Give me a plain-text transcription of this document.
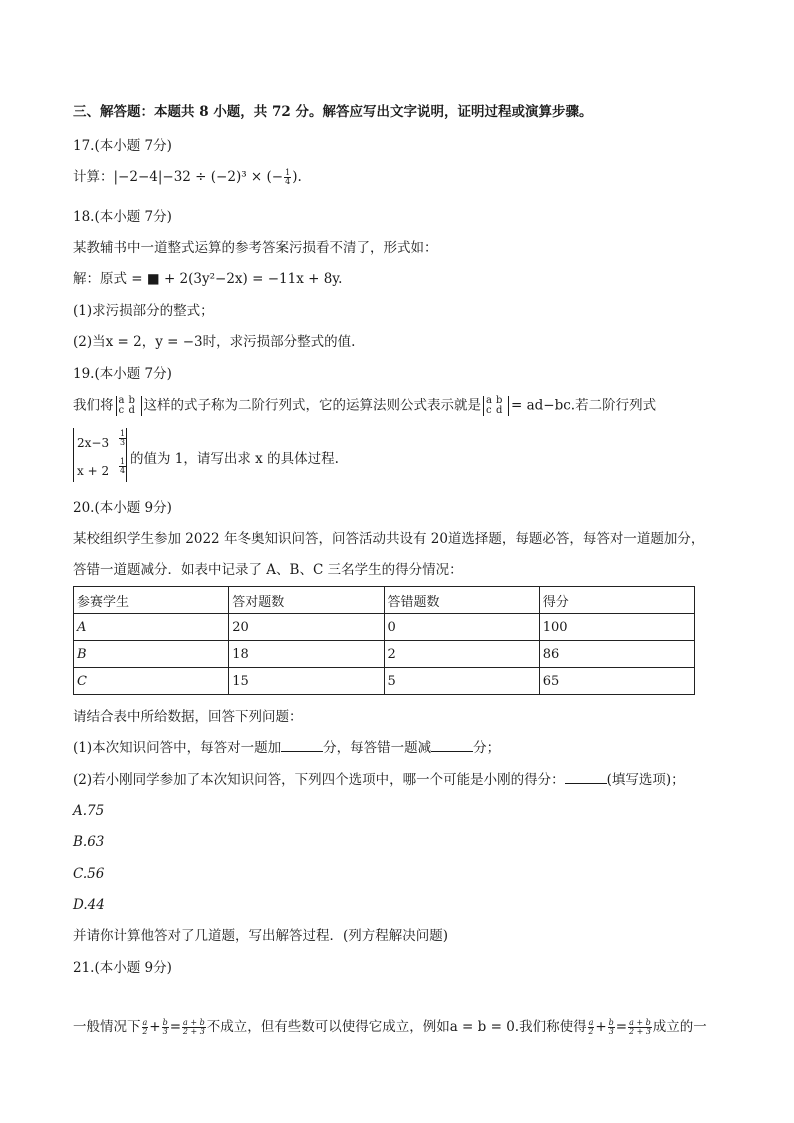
三、解答题：本题共 8 小题，共 72 分。解答应写出文字说明，证明过程或演算步骤。
17.(本小题 7分)
计算：|−2−4|−32 ÷ (−2)³ × (− $\frac{1}{4}$ ).
18.(本小题 7分)
某教辅书中一道整式运算的参考答案污损看不清了，形式如：
解：原式 = ■ + 2(3y²−2x) = −11x + 8y.
(1)求污损部分的整式；
(2)当x = 2，y = −3时，求污损部分整式的值.
19.(本小题 7分)
我们将 a b
c d 这样的式子称为二阶行列式，它的运算法则公式表示就是 a b
c d = ad−bc.若二阶行列式
$2x-3 \frac{1}{3}$
$x + 2 \frac{1}{4}$ 的值为 1，请写出求 x 的具体过程.
20.(本小题 9分)
某校组织学生参加 2022 年冬奥知识问答，问答活动共设有 20道选择题，每题必答，每答对一道题加分，
答错一道题减分．如表中记录了 A、B、C 三名学生的得分情况：
参赛学生	答对题数	答错题数	得分
A	20	0	100
B	18	2	86
C	15	5	65
请结合表中所给数据，回答下列问题：
(1)本次知识问答中，每答对一题加	分，每答错一题减	分；
(2)若小刚同学参加了本次知识问答，下列四个选项中，哪一个可能是小刚的得分：	(填写选项)；
A.75
B.63
C.56
D.44
并请你计算他答对了几道题，写出解答过程．(列方程解决问题)
21.(本小题 9分)
一般情况下 $\frac{a}{2} + \frac{b}{3} = \frac{a + b}{2 + 3}$ 不成立，但有些数可以使得它成立，例如a = b = 0.我们称使得 $\frac{a}{2} + \frac{b}{3} = \frac{a + b}{2 + 3}$ 成立的一
